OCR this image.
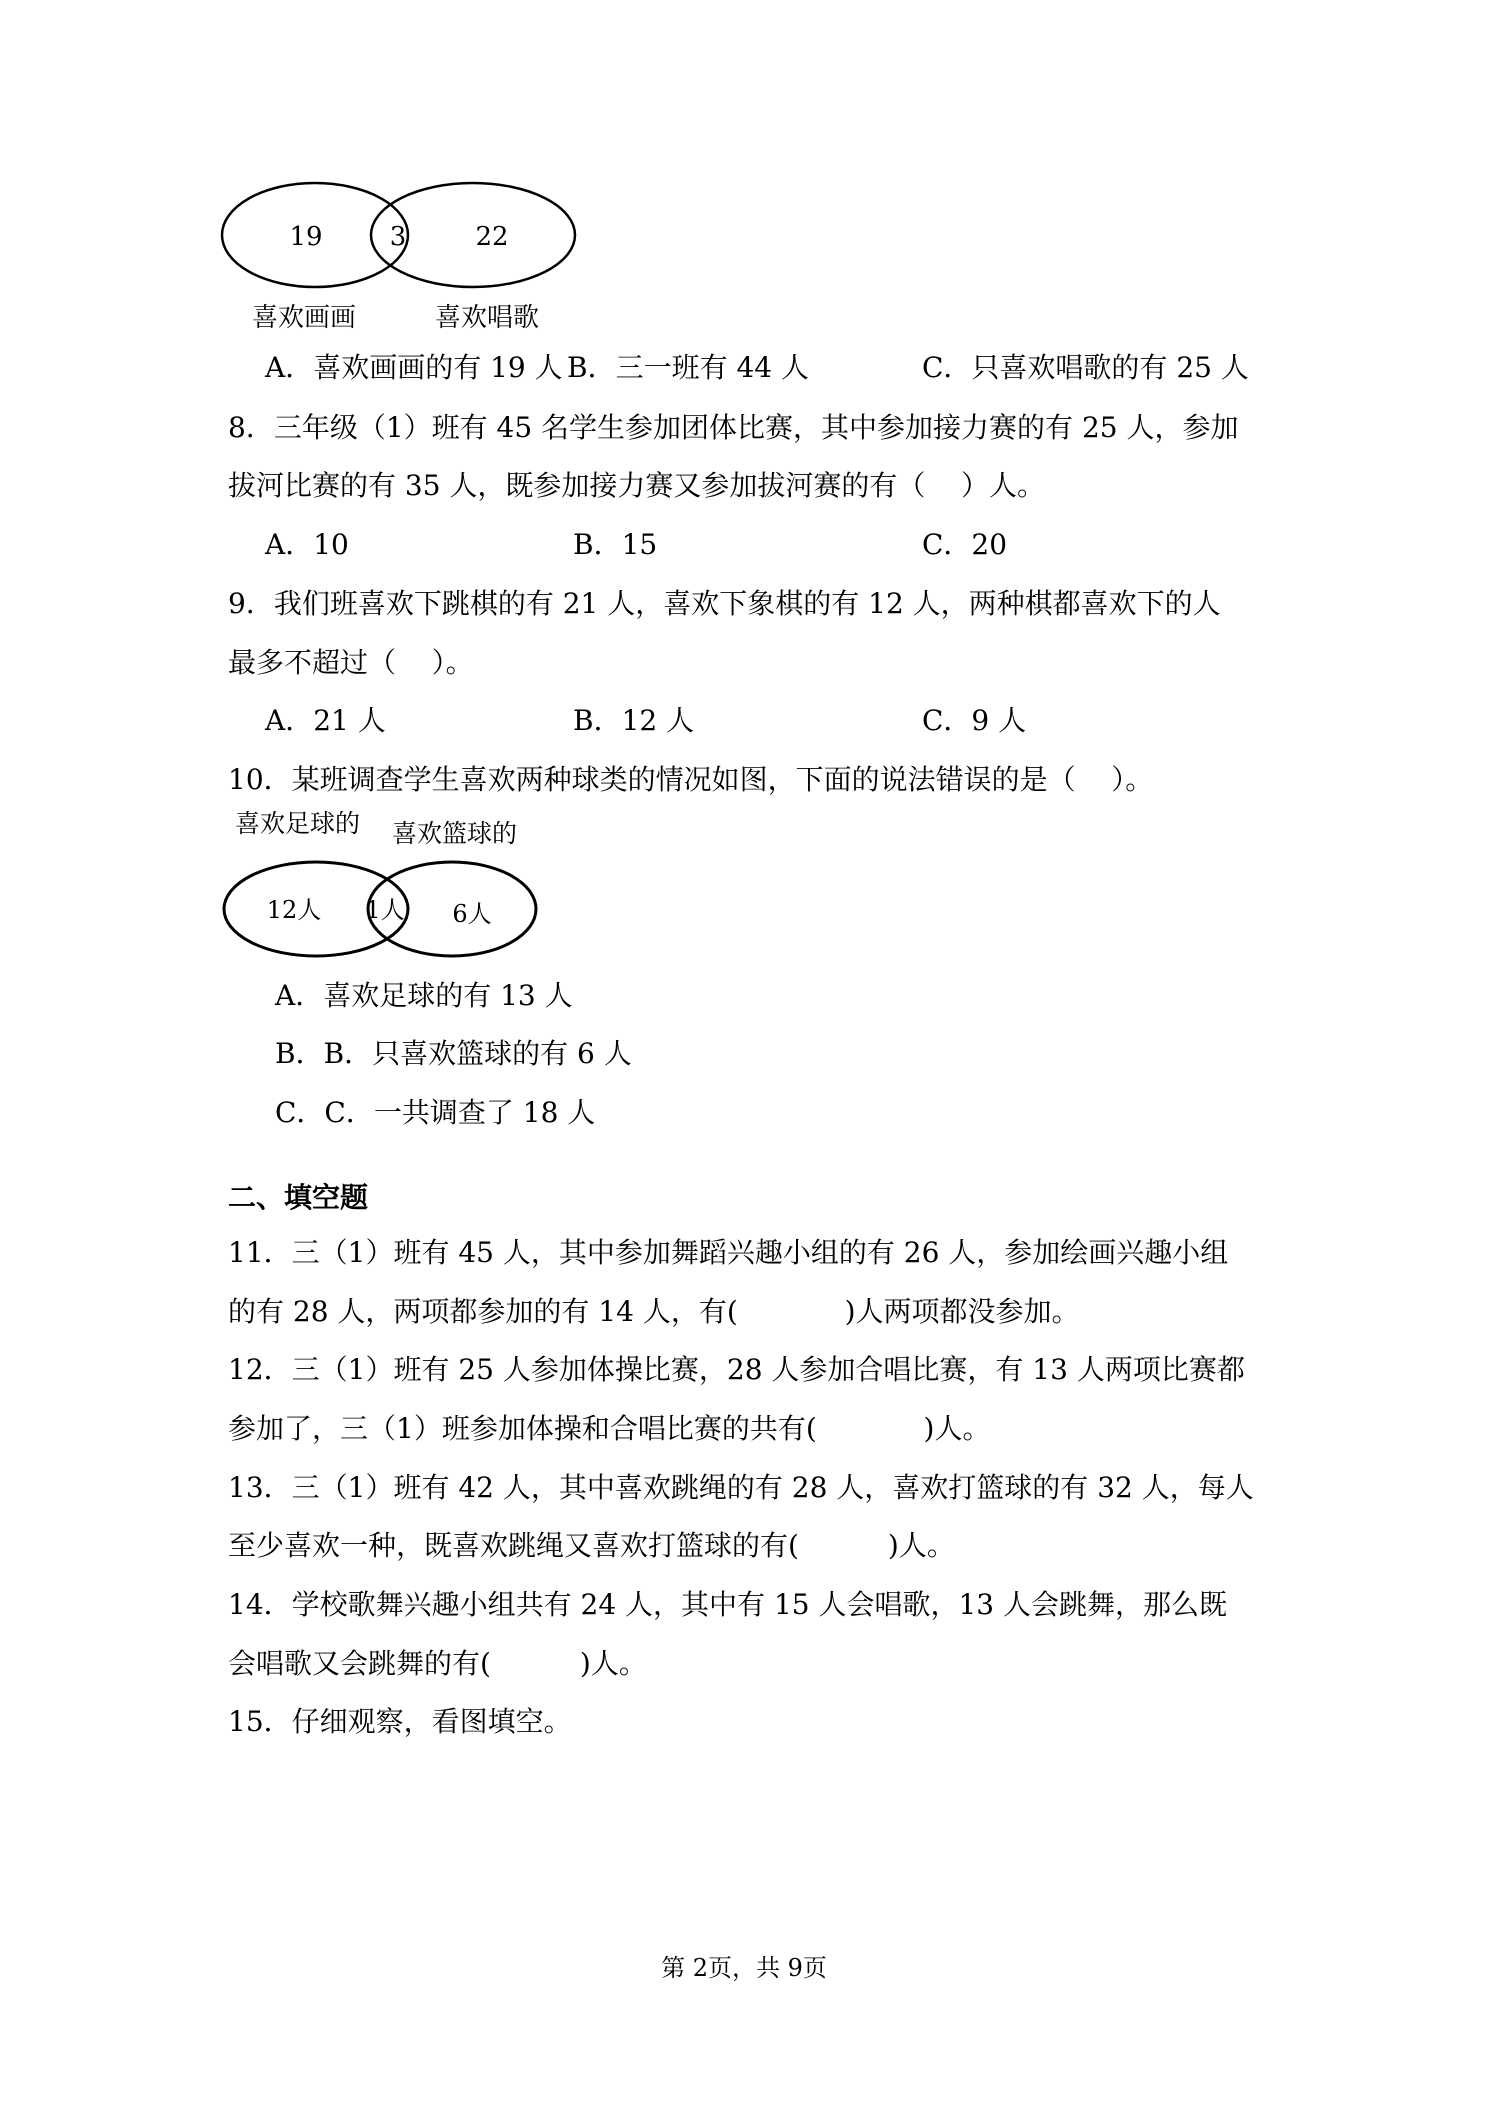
19	3	22
喜欢画画	喜欢唱歌
A．喜欢画画的有 19 人 B．三一班有 44 人	C．只喜欢唱歌的有 25 人
8．三年级（1）班有 45 名学生参加团体比赛，其中参加接力赛的有 25 人，参加
拔河比赛的有 35 人，既参加接力赛又参加拔河赛的有（    ）人。
A．10	B．15	C．20
9．我们班喜欢下跳棋的有 21 人，喜欢下象棋的有 12 人，两种棋都喜欢下的人
最多不超过（    ）。
A．21 人	B．12 人	C．9 人
10．某班调查学生喜欢两种球类的情况如图，下面的说法错误的是（    ）。
喜欢足球的 喜欢篮球的
12人 1人 6人
A．喜欢足球的有 13 人
B．B．只喜欢篮球的有 6 人
C．C．一共调查了 18 人
二、填空题
11．三（1）班有 45 人，其中参加舞蹈兴趣小组的有 26 人，参加绘画兴趣小组
的有 28 人，两项都参加的有 14 人，有(            )人两项都没参加。
12．三（1）班有 25 人参加体操比赛，28 人参加合唱比赛，有 13 人两项比赛都
参加了，三（1）班参加体操和合唱比赛的共有(            )人。
13．三（1）班有 42 人，其中喜欢跳绳的有 28 人，喜欢打篮球的有 32 人，每人
至少喜欢一种，既喜欢跳绳又喜欢打篮球的有(          )人。
14．学校歌舞兴趣小组共有 24 人，其中有 15 人会唱歌，13 人会跳舞，那么既
会唱歌又会跳舞的有(          )人。
15．仔细观察，看图填空。
第 2页，共 9页
